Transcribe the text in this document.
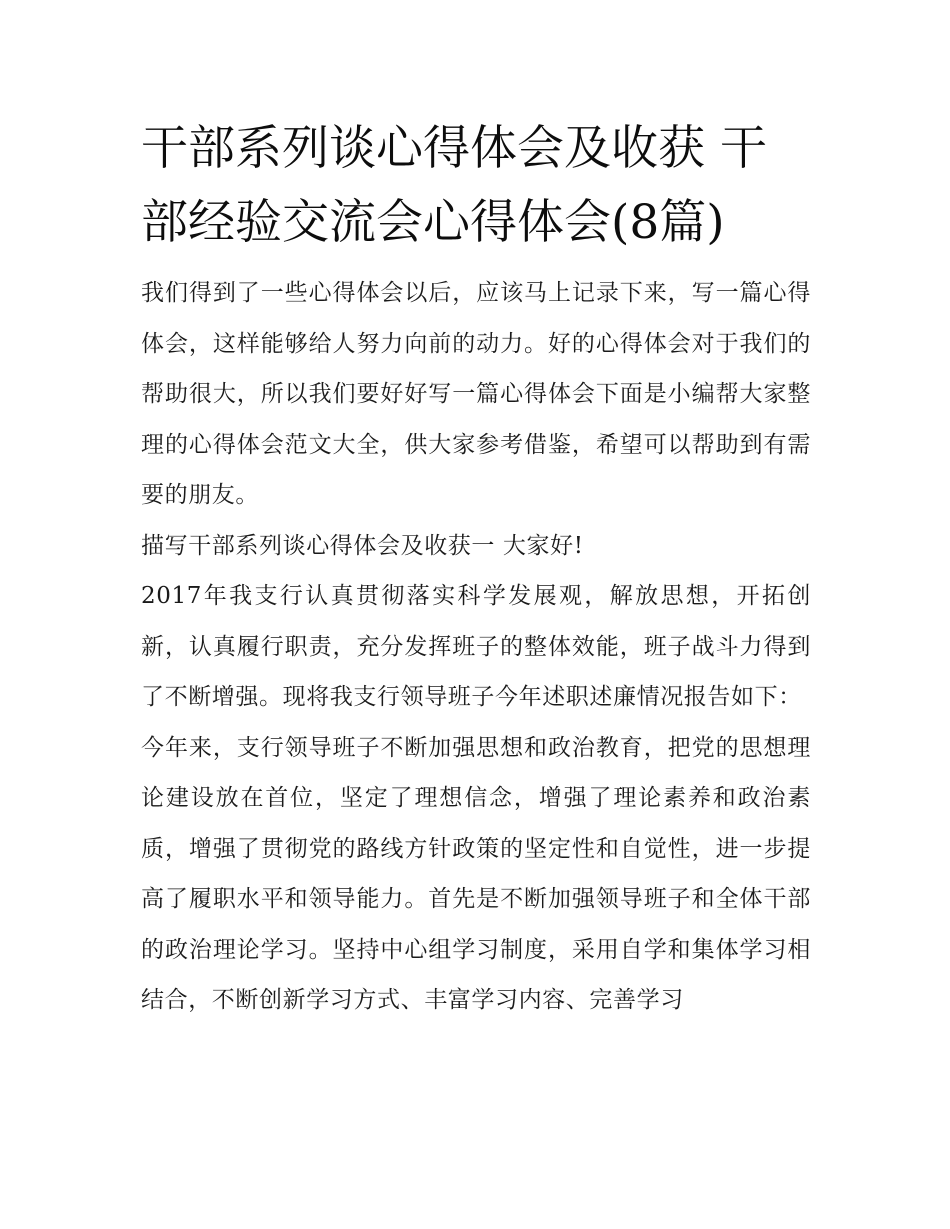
干部系列谈心得体会及收获 干部经验交流会心得体会(8篇)

我们得到了一些心得体会以后，应该马上记录下来，写一篇心得体会，这样能够给人努力向前的动力。好的心得体会对于我们的帮助很大，所以我们要好好写一篇心得体会下面是小编帮大家整理的心得体会范文大全，供大家参考借鉴，希望可以帮助到有需要的朋友。

描写干部系列谈心得体会及收获一 大家好!

2017年我支行认真贯彻落实科学发展观，解放思想，开拓创新，认真履行职责，充分发挥班子的整体效能，班子战斗力得到了不断增强。现将我支行领导班子今年述职述廉情况报告如下：

今年来，支行领导班子不断加强思想和政治教育，把党的思想理论建设放在首位，坚定了理想信念，增强了理论素养和政治素质，增强了贯彻党的路线方针政策的坚定性和自觉性，进一步提高了履职水平和领导能力。首先是不断加强领导班子和全体干部的政治理论学习。坚持中心组学习制度，采用自学和集体学习相结合，不断创新学习方式、丰富学习内容、完善学习
